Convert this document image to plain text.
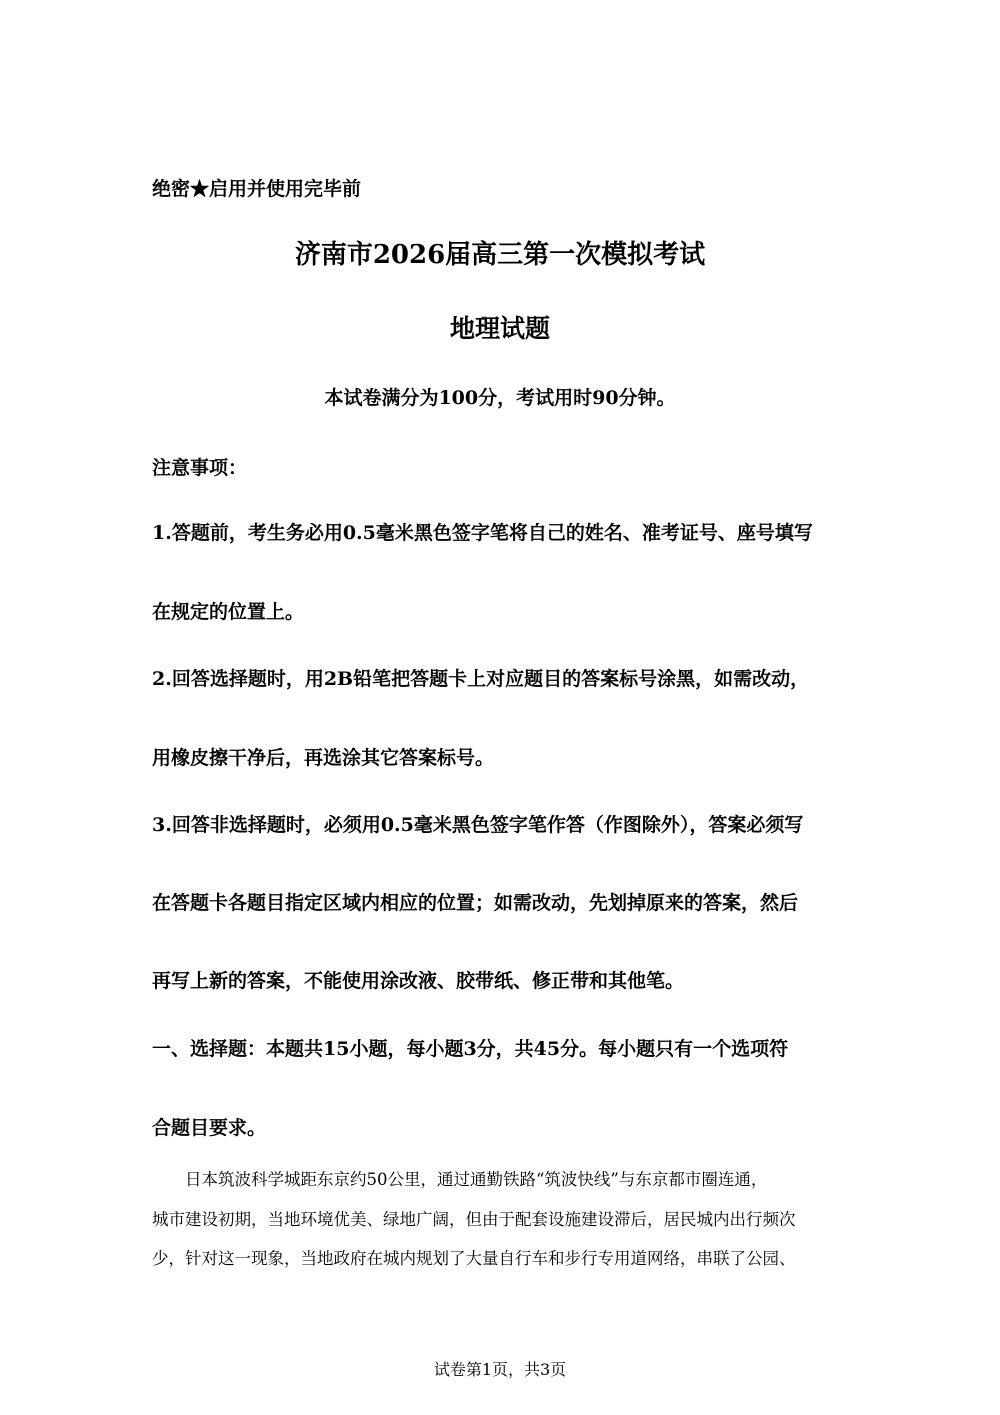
绝密★启用并使用完毕前
济南市2026届高三第一次模拟考试
地理试题
本试卷满分为100分，考试用时90分钟。
注意事项：
1.答题前，考生务必用0.5毫米黑色签字笔将自己的姓名、准考证号、座号填写
在规定的位置上。
2.回答选择题时，用2B铅笔把答题卡上对应题目的答案标号涂黑，如需改动，
用橡皮擦干净后，再选涂其它答案标号。
3.回答非选择题时，必须用0.5毫米黑色签字笔作答（作图除外），答案必须写
在答题卡各题目指定区域内相应的位置；如需改动，先划掉原来的答案，然后
再写上新的答案，不能使用涂改液、胶带纸、修正带和其他笔。
一、选择题：本题共15小题，每小题3分，共45分。每小题只有一个选项符
合题目要求。
　　日本筑波科学城距东京约50公里，通过通勤铁路“筑波快线”与东京都市圈连通，
城市建设初期，当地环境优美、绿地广阔，但由于配套设施建设滞后，居民城内出行频次
少，针对这一现象，当地政府在城内规划了大量自行车和步行专用道网络，串联了公园、
试卷第1页，共3页
